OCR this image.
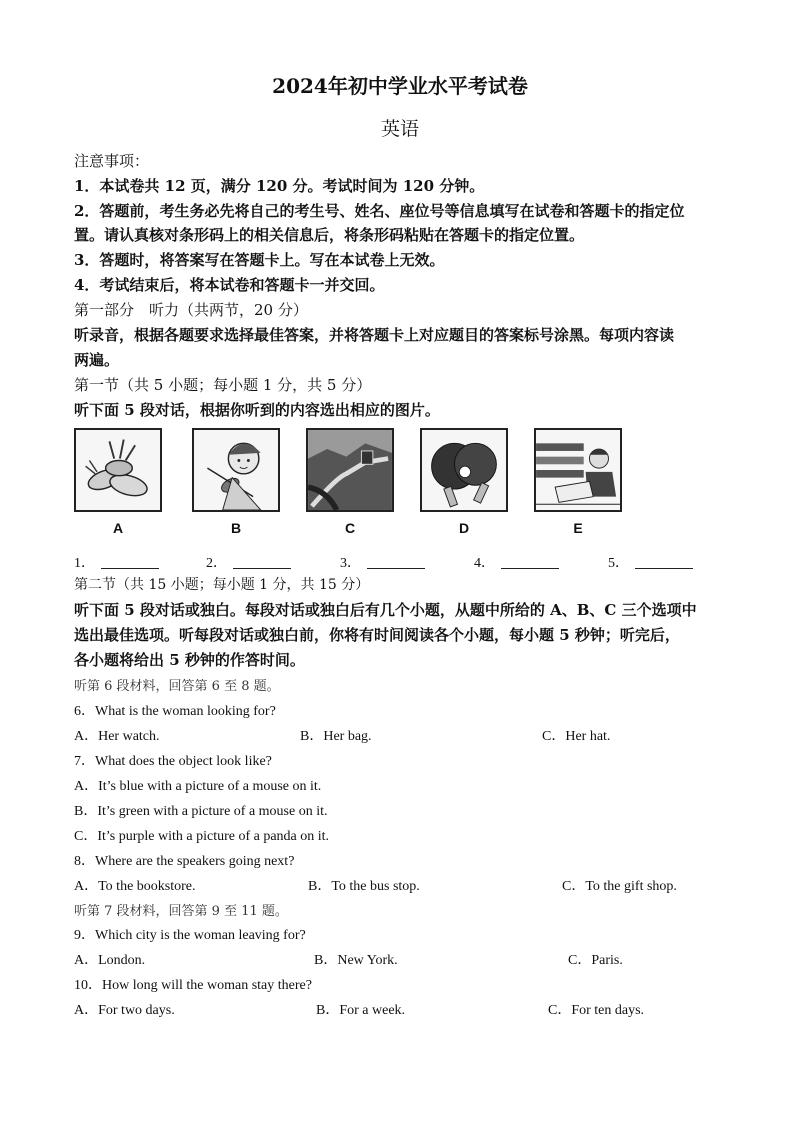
2024年初中学业水平考试卷
英语
注意事项：
1．本试卷共 12 页，满分 120 分。考试时间为 120 分钟。
2．答题前，考生务必先将自己的考生号、姓名、座位号等信息填写在试卷和答题卡的指定位
置。请认真核对条形码上的相关信息后，将条形码粘贴在答题卡的指定位置。
3．答题时，将答案写在答题卡上。写在本试卷上无效。
4．考试结束后，将本试卷和答题卡一并交回。
第一部分　听力（共两节，20 分）
听录音，根据各题要求选择最佳答案，并将答题卡上对应题目的答案标号涂黑。每项内容读
两遍。
第一节（共 5 小题；每小题 1 分，共 5 分）
听下面 5 段对话，根据你听到的内容选出相应的图片。
A	B	C	D	E
1．	2．	3．	4．	5．
第二节（共 15 小题；每小题 1 分，共 15 分）
听下面 5 段对话或独白。每段对话或独白后有几个小题，从题中所给的 A、B、C 三个选项中
选出最佳选项。听每段对话或独白前，你将有时间阅读各个小题，每小题 5 秒钟；听完后，
各小题将给出 5 秒钟的作答时间。
听第 6 段材料，回答第 6 至 8 题。
6．What is the woman looking for?
A．Her watch.	B．Her bag.	C．Her hat.
7．What does the object look like?
A．It’s blue with a picture of a mouse on it.
B．It’s green with a picture of a mouse on it.
C．It’s purple with a picture of a panda on it.
8．Where are the speakers going next?
A．To the bookstore.	B．To the bus stop.	C．To the gift shop.
听第 7 段材料，回答第 9 至 11 题。
9．Which city is the woman leaving for?
A．London.	B．New York.	C．Paris.
10．How long will the woman stay there?
A．For two days.	B．For a week.	C．For ten days.
